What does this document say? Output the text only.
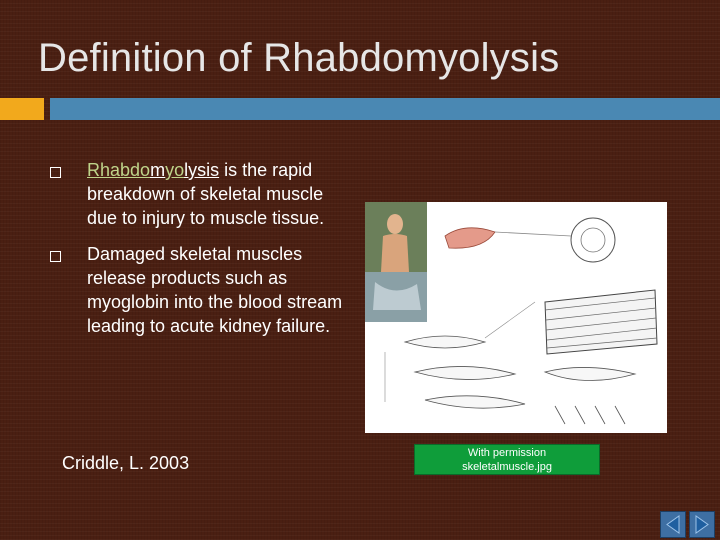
Definition of Rhabdomyolysis
Rhabdomyolysis is the rapid breakdown of skeletal muscle due to injury to muscle tissue.
Damaged skeletal muscles release products such as myoglobin into the blood stream leading to acute kidney failure.
Criddle, L. 2003	With permission
skeletalmuscle.jpg
